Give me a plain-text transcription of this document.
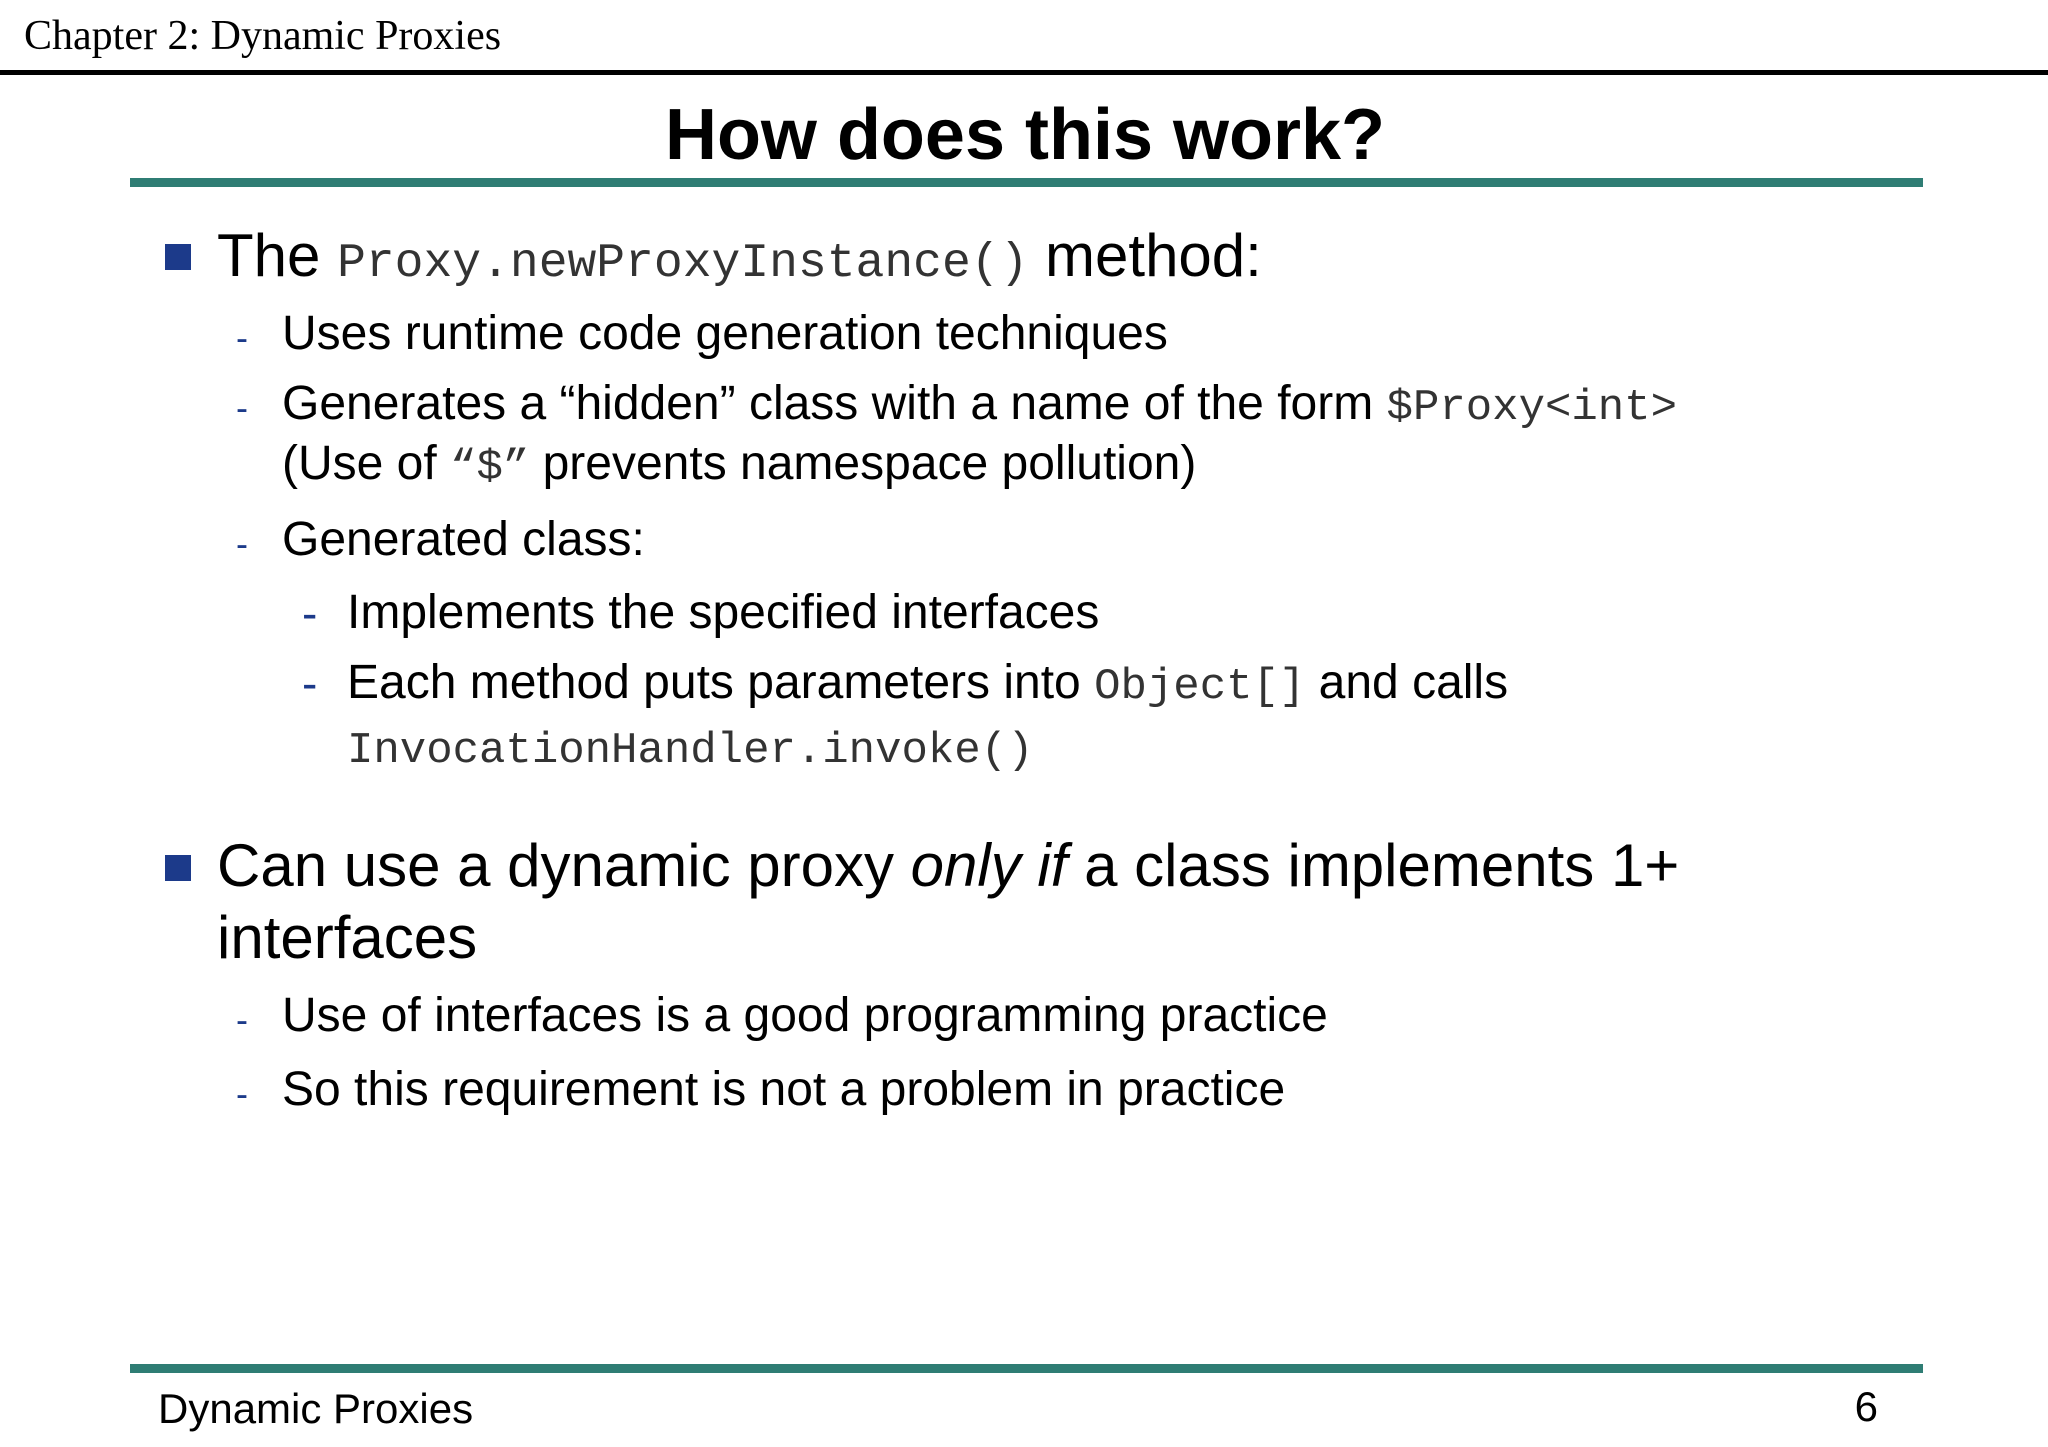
Chapter 2: Dynamic Proxies
How does this work?
The Proxy.newProxyInstance() method:
- Uses runtime code generation techniques
- Generates a “hidden” class with a name of the form $Proxy<int>
(Use of “$” prevents namespace pollution)
- Generated class:
- Implements the specified interfaces
- Each method puts parameters into Object[] and calls
InvocationHandler.invoke()
Can use a dynamic proxy only if a class implements 1+
interfaces
- Use of interfaces is a good programming practice
- So this requirement is not a problem in practice
Dynamic Proxies	6
